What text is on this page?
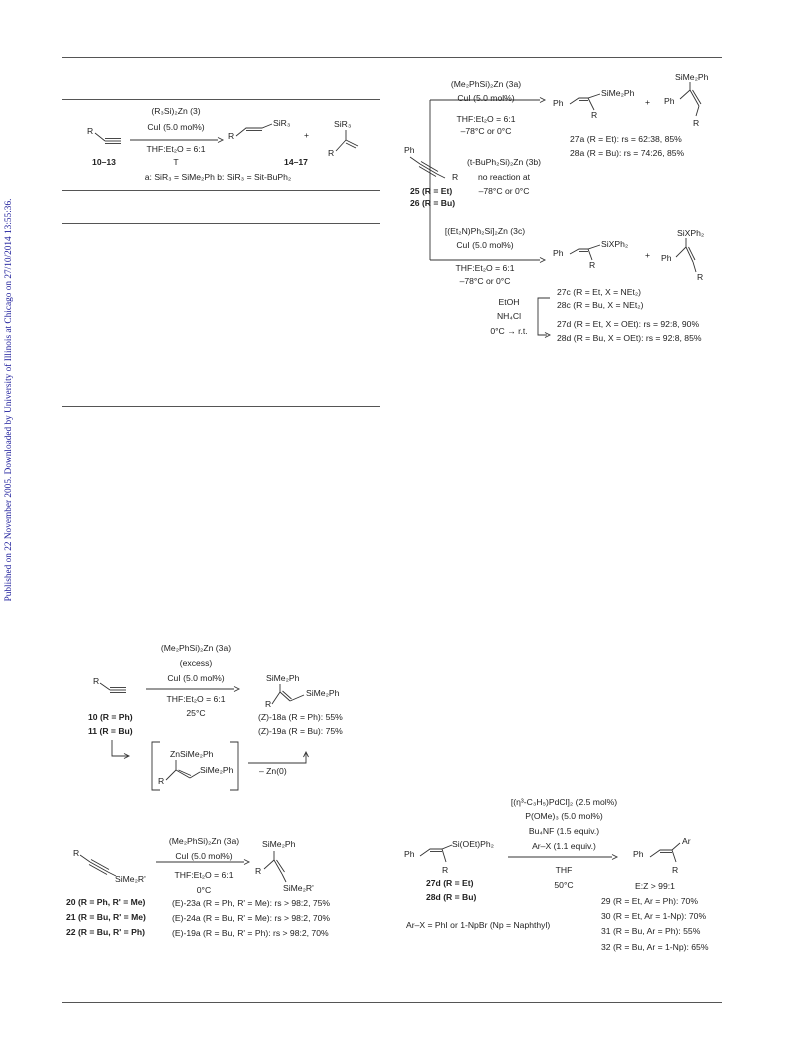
Published on 22 November 2005. Downloaded by University of Illinois at Chicago on 27/10/2014 13:55:36.
R
(R₃Si)₂Zn (3)
CuI (5.0 mol%)
THF:Et₂O = 6:1
T
R
SiR₃
+
SiR₃
R
10–13	14–17
a: SiR₃ = SiMe₂Ph b: SiR₃ = Sit-BuPh₂
Ph
R
25 (R = Et)
26 (R = Bu)
(Me₂PhSi)₂Zn (3a)
CuI (5.0 mol%)
THF:Et₂O = 6:1
–78°C or 0°C
Ph
SiMe₂Ph
R
+
SiMe₂Ph
Ph
R
27a (R = Et): rs = 62:38, 85%
28a (R = Bu): rs = 74:26, 85%
(t-BuPh₂Si)₂Zn (3b)
no reaction at
–78°C or 0°C
[(Et₂N)Ph₂Si]₂Zn (3c)
CuI (5.0 mol%)
THF:Et₂O = 6:1
–78°C or 0°C
Ph
SiXPh₂
R
+
SiXPh₂
Ph
R
27c (R = Et, X = NEt₂)
28c (R = Bu, X = NEt₂)
EtOH
NH₄Cl
0°C → r.t.
27d (R = Et, X = OEt): rs = 92:8, 90%
28d (R = Bu, X = OEt): rs = 92:8, 85%
R
(Me₂PhSi)₂Zn (3a)
(excess)
CuI (5.0 mol%)
THF:Et₂O = 6:1
25°C
10 (R = Ph)
11 (R = Bu)
SiMe₂Ph
SiMe₂Ph
R
(Z)-18a (R = Ph): 55%
(Z)-19a (R = Bu): 75%
ZnSiMe₂Ph
SiMe₂Ph
R
– Zn(0)
R
SiMe₂R'
(Me₂PhSi)₂Zn (3a)
CuI (5.0 mol%)
THF:Et₂O = 6:1
0°C
SiMe₂Ph
R
SiMe₂R'
20 (R = Ph, R' = Me)
21 (R = Bu, R' = Me)
22 (R = Bu, R' = Ph)
(E)-23a (R = Ph, R' = Me): rs > 98:2, 75%
(E)-24a (R = Bu, R' = Me): rs > 98:2, 70%
(E)-19a (R = Bu, R' = Ph): rs > 98:2, 70%
Ph
Si(OEt)Ph₂
R
27d (R = Et)
28d (R = Bu)
[(η³-C₃H₅)PdCl]₂ (2.5 mol%)
P(OMe)₃ (5.0 mol%)
Bu₄NF (1.5 equiv.)
Ar–X (1.1 equiv.)
THF
50°C
Ph
Ar
R
E:Z > 99:1
Ar–X = PhI or 1-NpBr (Np = Naphthyl)
29 (R = Et, Ar = Ph): 70%
30 (R = Et, Ar = 1-Np): 70%
31 (R = Bu, Ar = Ph): 55%
32 (R = Bu, Ar = 1-Np): 65%
